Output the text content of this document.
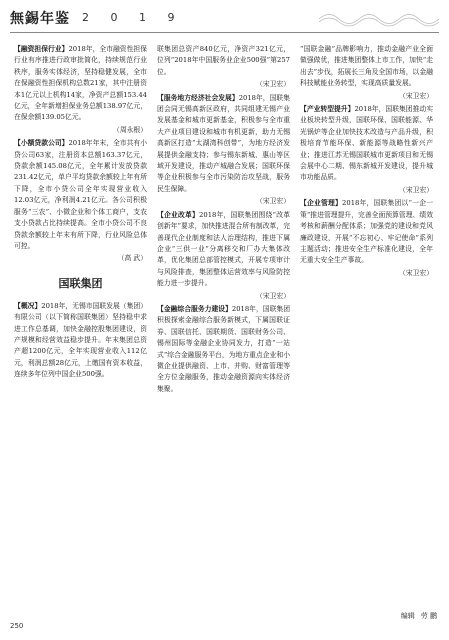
無錫年鉴 2 0 1 9

【 融资担保行业 】 2018年，全市融资性担保行业有序推进行政审批简化，持续规范行业秩序，服务实体经济，坚持稳健发展，全市在保融资性担保机构总数21家，其中注册资本1亿元以上机构14家，净资产总额153.44亿元，全年新增担保业务总额138.97亿元，在保余额139.05亿元。

（ 周永根 ）

【 小额贷款公司 】 2018年年末，全市共有小贷公司63家，注册资本总额163.37亿元，贷款余额145.08亿元，全年累计发放贷款231.42亿元，单户平均贷款余额较上年有所下降，全市小贷公司全年实现营业收入12.03亿元，净利润4.21亿元。各公司积极服务“三农”、小微企业和个体工商户，支农支小贷款占比持续提高。全市小贷公司不良贷款余额较上年末有所下降，行业风险总体可控。

（ 高 武 ）
国联集团

【 概况 】 2018年，无锡市国联发展（集团）有限公司（以下简称国联集团）坚持稳中求进工作总基调，加快金融控股集团建设，资产规模和经营效益稳步提升。年末集团总资产超1200亿元，全年实现营业收入112亿元，利润总额28亿元，上缴国有资本收益，连续多年位列中国企业500强。

联集团总资产840亿元，净资产321亿元，位列“2018年中国服务业企业500强”第257位。

（ 宋卫宏 ）

【 服务地方经济社会发展 】 2018年，国联集团会同无锡高新区政府，共同组建无锡产业发展基金和城市更新基金，积极参与全市重大产业项目建设和城市有机更新，助力无锡高新区打造“太湖湾科创带”，为地方经济发展提供金融支持；参与锡东新城、惠山等区域开发建设，推动产城融合发展；国联环保等企业积极参与全市污染防治攻坚战，服务民生保障。

（ 宋卫宏 ）

【 企业改革 】 2018年，国联集团围绕“改革创新年”要求，加快推进混合所有制改革，完善现代企业制度和法人治理结构，推进下属企业“三供一业”分离移交和厂办大集体改革，优化集团总部管控模式，开展专项审计与风险排查，集团整体运营效率与风险防控能力进一步提升。

（ 宋卫宏 ）

【 金融综合服务力建设 】 2018年，国联集团积极探索金融综合服务新模式，下属国联证券、国联信托、国联期货、国联财务公司、锡州国际等金融企业协同发力，打造“一站式”综合金融服务平台，为地方重点企业和小微企业提供融资、上市、并购、财富管理等全方位金融服务，推动金融资源向实体经济集聚。

“国联金融”品牌影响力，推动金融产业全面做强做优，推进集团整体上市工作，加快“走出去”步伐，拓展长三角及全国市场，以金融科技赋能业务转型，实现高质量发展。

（ 宋卫宏 ）

【 产业转型提升 】 2018年，国联集团推动实业板块转型升级，国联环保、国联能源、华光锅炉等企业加快技术改造与产品升级，积极培育节能环保、新能源等战略性新兴产业；推进江苏无锡国联城市更新项目和无锡会展中心二期、锡东新城开发建设，提升城市功能品质。

（ 宋卫宏 ）

【 企业管理 】 2018年，国联集团以“一企一策”推进管理提升，完善全面预算管理、绩效考核和薪酬分配体系；加强党的建设和党风廉政建设，开展“不忘初心、牢记使命”系列主题活动；推进安全生产标准化建设，全年无重大安全生产事故。

（ 宋卫宏 ）
编辑 劳 鹏
250
